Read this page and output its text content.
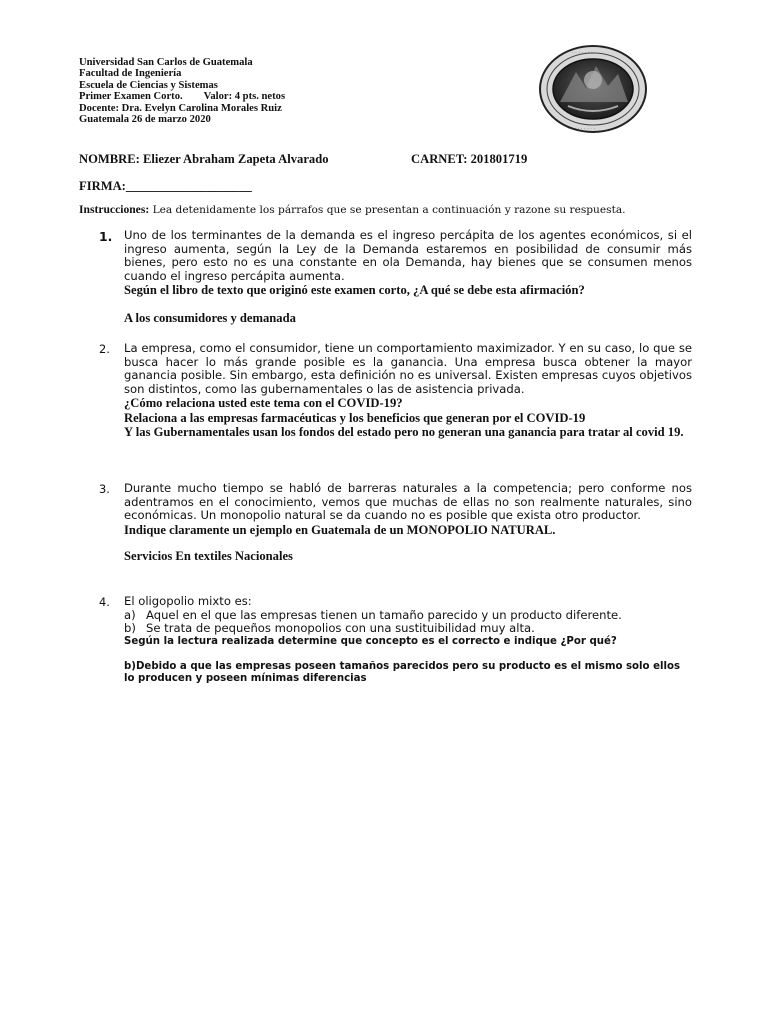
Universidad San Carlos de Guatemala
Facultad de Ingeniería
Escuela de Ciencias y Sistemas
Primer Examen Corto.        Valor: 4 pts. netos
Docente: Dra. Evelyn Carolina Morales Ruiz
Guatemala 26 de marzo 2020
· · · · · · ·
· · · · · · · · ·
NOMBRE: Eliezer Abraham Zapeta Alvarado	CARNET: 201801719
FIRMA:____________________
Instrucciones: Lea detenidamente los párrafos que se presentan a continuación y razone su respuesta.
1. Uno de los terminantes de la demanda es el ingreso percápita de los agentes económicos, si el ingreso aumenta, según la Ley de la Demanda estaremos en posibilidad de consumir más bienes, pero esto no es una constante en ola Demanda, hay bienes que se consumen menos cuando el ingreso percápita aumenta.
Según el libro de texto que originó este examen corto, ¿A qué se debe esta afirmación?
A los consumidores y demanada
2. La empresa, como el consumidor, tiene un comportamiento maximizador. Y en su caso, lo que se busca hacer lo más grande posible es la ganancia. Una empresa busca obtener la mayor ganancia posible. Sin embargo, esta definición no es universal. Existen empresas cuyos objetivos son distintos, como las gubernamentales o las de asistencia privada.
¿Cómo relaciona usted este tema con el COVID-19?
Relaciona a las empresas farmacéuticas y los beneficios que generan por el COVID-19
Y las Gubernamentales usan los fondos del estado pero no generan una ganancia para tratar al covid 19.
3. Durante mucho tiempo se habló de barreras naturales a la competencia; pero conforme nos adentramos en el conocimiento, vemos que muchas de ellas no son realmente naturales, sino económicas. Un monopolio natural se da cuando no es posible que exista otro productor.
Indique claramente un ejemplo en Guatemala de un MONOPOLIO NATURAL.
Servicios En textiles Nacionales
4. El oligopolio mixto es:
a) Aquel en el que las empresas tienen un tamaño parecido y un producto diferente.
b) Se trata de pequeños monopolios con una sustituibilidad muy alta.
Según la lectura realizada determine que concepto es el correcto e indique ¿Por qué?
b)Debido a que las empresas poseen tamaños parecidos pero su producto es el mismo solo ellos lo producen y poseen mínimas diferencias
